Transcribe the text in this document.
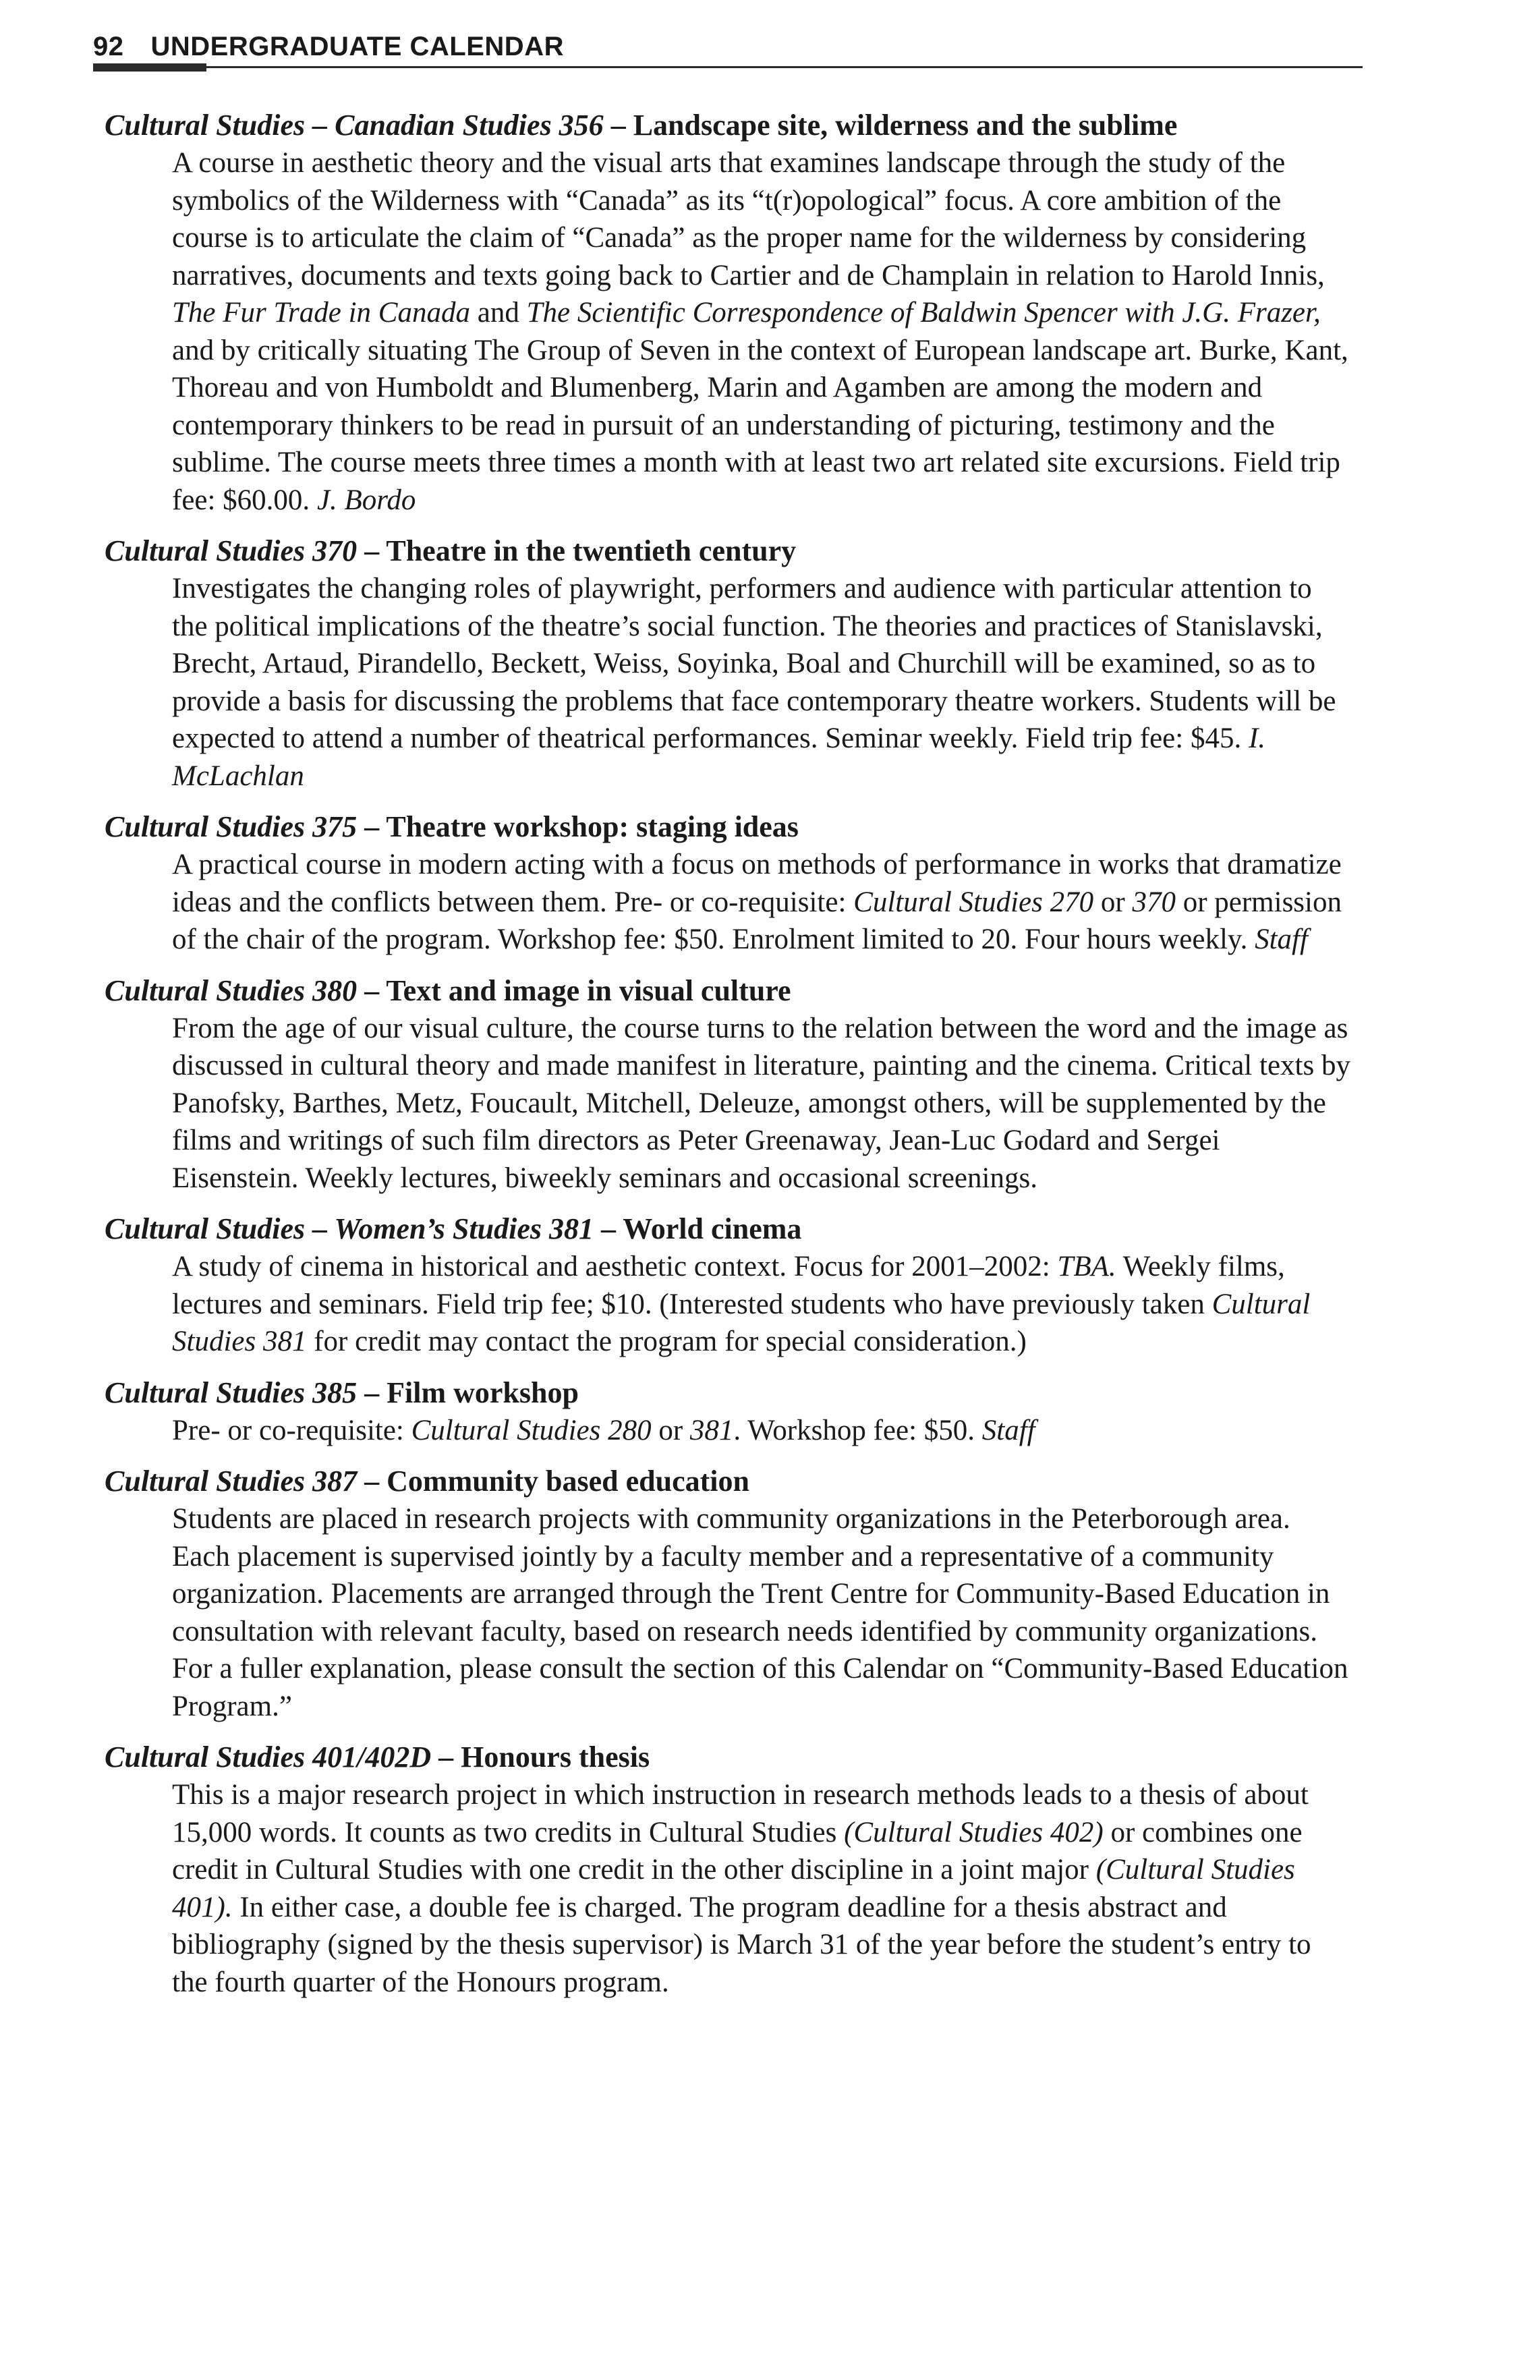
92 UNDERGRADUATE CALENDAR
Cultural Studies – Canadian Studies 356 – Landscape site, wilderness and the sublime
A course in aesthetic theory and the visual arts that examines landscape through the study of the symbolics of the Wilderness with “Canada” as its “t(r)opological” focus. A core ambition of the course is to articulate the claim of “Canada” as the proper name for the wilderness by considering narratives, documents and texts going back to Cartier and de Champlain in relation to Harold Innis, The Fur Trade in Canada and The Scientific Correspondence of Baldwin Spencer with J.G. Frazer, and by critically situating The Group of Seven in the context of European landscape art. Burke, Kant, Thoreau and von Humboldt and Blumenberg, Marin and Agamben are among the modern and contemporary thinkers to be read in pursuit of an understanding of picturing, testimony and the sublime. The course meets three times a month with at least two art related site excursions. Field trip fee: $60.00. J. Bordo
Cultural Studies 370 – Theatre in the twentieth century
Investigates the changing roles of playwright, performers and audience with particular attention to the political implications of the theatre’s social function. The theories and practices of Stanislavski, Brecht, Artaud, Pirandello, Beckett, Weiss, Soyinka, Boal and Churchill will be examined, so as to provide a basis for discussing the problems that face contemporary theatre workers. Students will be expected to attend a number of theatrical performances. Seminar weekly. Field trip fee: $45. I. McLachlan
Cultural Studies 375 – Theatre workshop: staging ideas
A practical course in modern acting with a focus on methods of performance in works that dramatize ideas and the conflicts between them. Pre- or co-requisite: Cultural Studies 270 or 370 or permission of the chair of the program. Workshop fee: $50. Enrolment limited to 20. Four hours weekly. Staff
Cultural Studies 380 – Text and image in visual culture
From the age of our visual culture, the course turns to the relation between the word and the image as discussed in cultural theory and made manifest in literature, painting and the cinema. Critical texts by Panofsky, Barthes, Metz, Foucault, Mitchell, Deleuze, amongst others, will be supplemented by the films and writings of such film directors as Peter Greenaway, Jean-Luc Godard and Sergei Eisenstein. Weekly lectures, biweekly seminars and occasional screenings.
Cultural Studies – Women’s Studies 381 – World cinema
A study of cinema in historical and aesthetic context. Focus for 2001–2002: TBA. Weekly films, lectures and seminars. Field trip fee; $10. (Interested students who have previously taken Cultural Studies 381 for credit may contact the program for special consideration.)
Cultural Studies 385 – Film workshop
Pre- or co-requisite: Cultural Studies 280 or 381. Workshop fee: $50. Staff
Cultural Studies 387 – Community based education
Students are placed in research projects with community organizations in the Peterborough area. Each placement is supervised jointly by a faculty member and a representative of a community organization. Placements are arranged through the Trent Centre for Community-Based Education in consultation with relevant faculty, based on research needs identified by community organizations. For a fuller explanation, please consult the section of this Calendar on “Community-Based Education Program.”
Cultural Studies 401/402D – Honours thesis
This is a major research project in which instruction in research methods leads to a thesis of about 15,000 words. It counts as two credits in Cultural Studies (Cultural Studies 402) or combines one credit in Cultural Studies with one credit in the other discipline in a joint major (Cultural Studies 401). In either case, a double fee is charged. The program deadline for a thesis abstract and bibliography (signed by the thesis supervisor) is March 31 of the year before the student’s entry to the fourth quarter of the Honours program.
